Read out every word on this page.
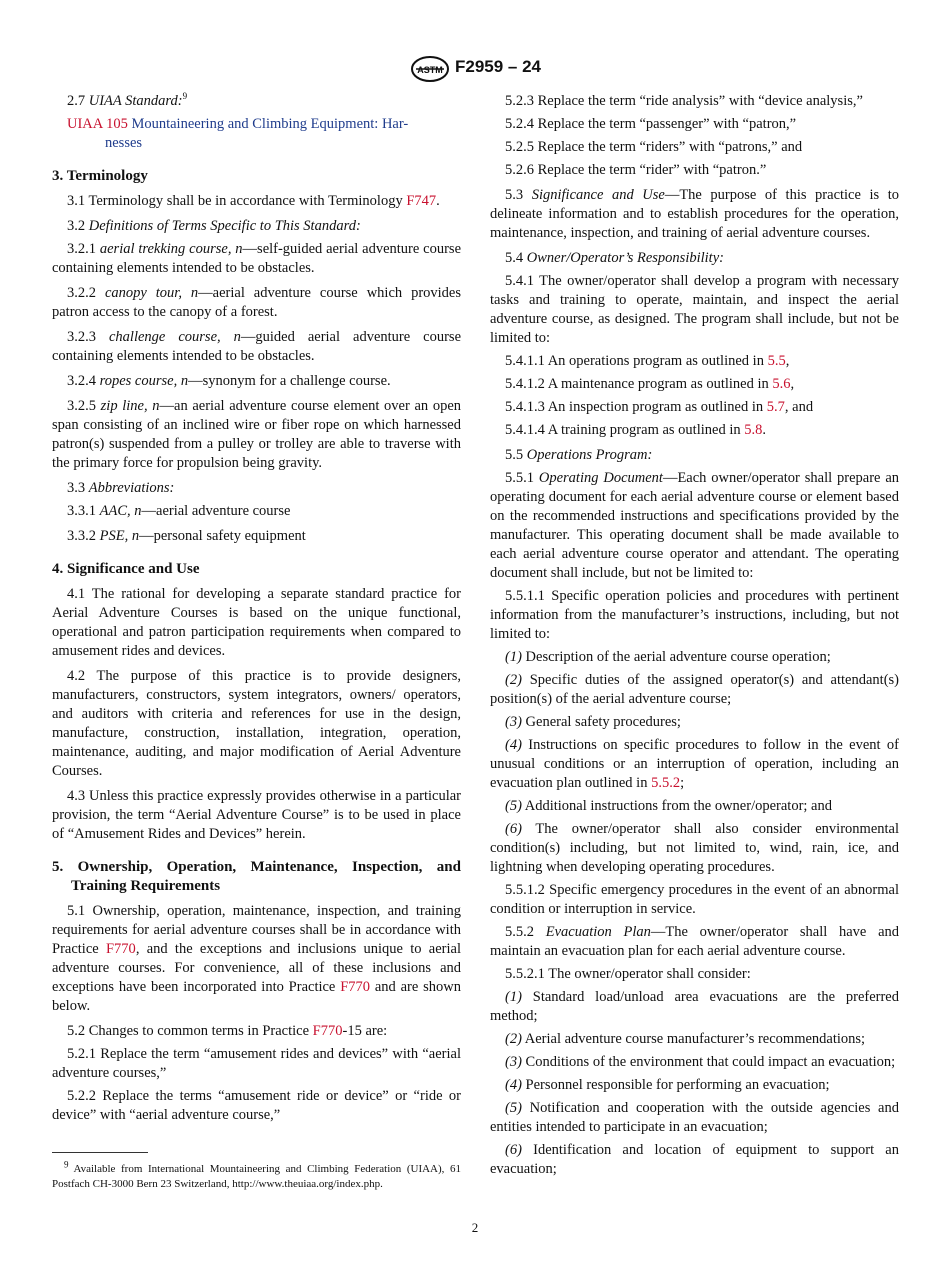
ASTM F2959 – 24

2.7 UIAA Standard:$^9$

UIAA 105 Mountaineering and Climbing Equipment: Har-
nesses

3. Terminology

3.1 Terminology shall be in accordance with Terminology F747.

3.2 Definitions of Terms Specific to This Standard:

3.2.1 aerial trekking course, n—self-guided aerial adventure course containing elements intended to be obstacles.

3.2.2 canopy tour, n—aerial adventure course which provides patron access to the canopy of a forest.

3.2.3 challenge course, n—guided aerial adventure course containing elements intended to be obstacles.

3.2.4 ropes course, n—synonym for a challenge course.

3.2.5 zip line, n—an aerial adventure course element over an open span consisting of an inclined wire or fiber rope on which harnessed patron(s) suspended from a pulley or trolley are able to traverse with the primary force for propulsion being gravity.

3.3 Abbreviations:

3.3.1 AAC, n—aerial adventure course

3.3.2 PSE, n—personal safety equipment

4. Significance and Use

4.1 The rational for developing a separate standard practice for Aerial Adventure Courses is based on the unique functional, operational and patron participation requirements when compared to amusement rides and devices.

4.2 The purpose of this practice is to provide designers, manufacturers, constructors, system integrators, owners/ operators, and auditors with criteria and references for use in the design, manufacture, construction, installation, integration, operation, maintenance, auditing, and major modification of Aerial Adventure Courses.

4.3 Unless this practice expressly provides otherwise in a particular provision, the term “Aerial Adventure Course” is to be used in place of “Amusement Rides and Devices” herein.

5. Ownership, Operation, Maintenance, Inspection, and Training Requirements

5.1 Ownership, operation, maintenance, inspection, and training requirements for aerial adventure courses shall be in accordance with Practice F770, and the exceptions and inclusions unique to aerial adventure courses. For convenience, all of these inclusions and exceptions have been incorporated into Practice F770 and are shown below.

5.2 Changes to common terms in Practice F770-15 are:

5.2.1 Replace the term “amusement rides and devices” with “aerial adventure courses,”

5.2.2 Replace the terms “amusement ride or device” or “ride or device” with “aerial adventure course,”

$^9$ Available from International Mountaineering and Climbing Federation (UIAA), 61 Postfach CH-3000 Bern 23 Switzerland, http://www.theuiaa.org/index.php.

5.2.3 Replace the term “ride analysis” with “device analysis,”

5.2.4 Replace the term “passenger” with “patron,”

5.2.5 Replace the term “riders” with “patrons,” and

5.2.6 Replace the term “rider” with “patron.”

5.3 Significance and Use—The purpose of this practice is to delineate information and to establish procedures for the operation, maintenance, inspection, and training of aerial adventure courses.

5.4 Owner/Operator’s Responsibility:

5.4.1 The owner/operator shall develop a program with necessary tasks and training to operate, maintain, and inspect the aerial adventure course, as designed. The program shall include, but not be limited to:

5.4.1.1 An operations program as outlined in 5.5,

5.4.1.2 A maintenance program as outlined in 5.6,

5.4.1.3 An inspection program as outlined in 5.7, and

5.4.1.4 A training program as outlined in 5.8.

5.5 Operations Program:

5.5.1 Operating Document—Each owner/operator shall prepare an operating document for each aerial adventure course or element based on the recommended instructions and specifications provided by the manufacturer. This operating document shall be made available to each aerial adventure course operator and attendant. The operating document shall include, but not be limited to:

5.5.1.1 Specific operation policies and procedures with pertinent information from the manufacturer’s instructions, including, but not limited to:

(1) Description of the aerial adventure course operation;

(2) Specific duties of the assigned operator(s) and attendant(s) position(s) of the aerial adventure course;

(3) General safety procedures;

(4) Instructions on specific procedures to follow in the event of unusual conditions or an interruption of operation, including an evacuation plan outlined in 5.5.2;

(5) Additional instructions from the owner/operator; and

(6) The owner/operator shall also consider environmental condition(s) including, but not limited to, wind, rain, ice, and lightning when developing operating procedures.

5.5.1.2 Specific emergency procedures in the event of an abnormal condition or interruption in service.

5.5.2 Evacuation Plan—The owner/operator shall have and maintain an evacuation plan for each aerial adventure course.

5.5.2.1 The owner/operator shall consider:

(1) Standard load/unload area evacuations are the preferred method;

(2) Aerial adventure course manufacturer’s recommendations;

(3) Conditions of the environment that could impact an evacuation;

(4) Personnel responsible for performing an evacuation;

(5) Notification and cooperation with the outside agencies and entities intended to participate in an evacuation;

(6) Identification and location of equipment to support an evacuation;

2
